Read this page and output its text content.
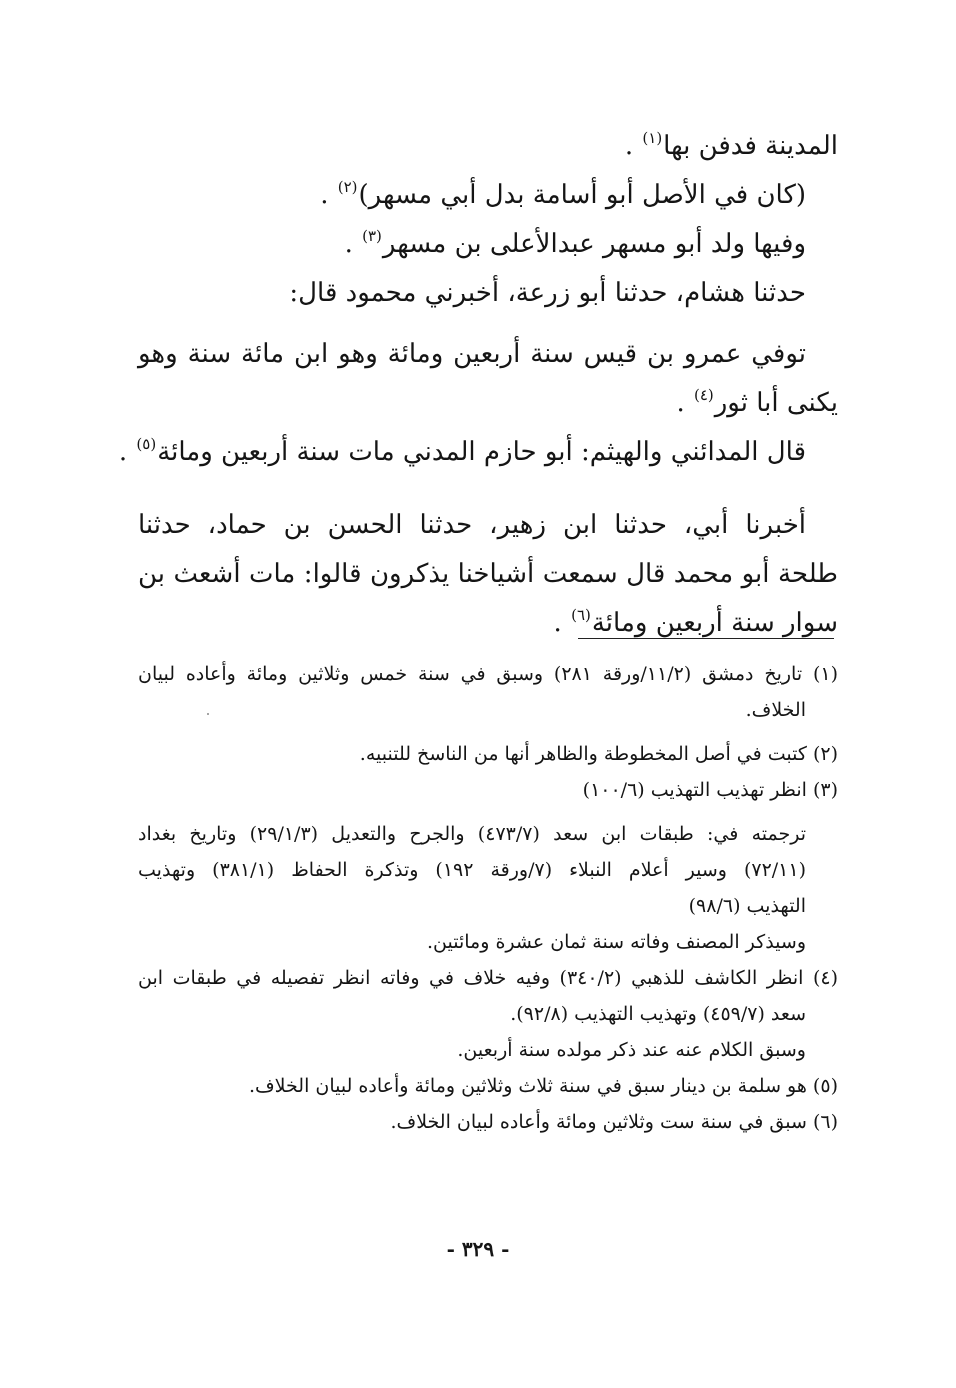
المدينة فدفن بها$^{(١)}$ .
(كان في الأصل أبو أسامة بدل أبي مسهر)$^{(٢)}$ .
وفيها ولد أبو مسهر عبدالأعلى بن مسهر$^{(٣)}$ .
حدثنا هشام، حدثنا أبو زرعة، أخبرني محمود قال:
توفي عمرو بن قيس سنة أربعين ومائة وهو ابن مائة سنة وهو
يكنى أبا ثور$^{(٤)}$ .
قال المدائني والهيثم: أبو حازم المدني مات سنة أربعين ومائة$^{(٥)}$ .
أخبرنا أبي، حدثنا ابن زهير، حدثنا الحسن بن حماد، حدثنا
طلحة أبو محمد قال سمعت أشياخنا يذكرون قالوا: مات أشعث بن
سوار سنة أربعين ومائة$^{(٦)}$ .
(١) تاريخ دمشق (١١/٢/ورقة ٢٨١) وسبق في سنة خمس وثلاثين ومائة وأعاده لبيان
الخلاف.
(٢) كتبت في أصل المخطوطة والظاهر أنها من الناسخ للتنبيه.
(٣) انظر تهذيب التهذيب (١٠٠/٦)
ترجمته في: طبقات ابن سعد (٤٧٣/٧) والجرح والتعديل (٢٩/١/٣) وتاريخ بغداد
(٧٢/١١) وسير أعلام النبلاء (٧/ورقة ١٩٢) وتذكرة الحفاظ (٣٨١/١) وتهذيب
التهذيب (٩٨/٦)
وسيذكر المصنف وفاته سنة ثمان عشرة ومائتين.
(٤) انظر الكاشف للذهبي (٣٤٠/٢) وفيه خلاف في وفاته انظر تفصيله في طبقات ابن
سعد (٤٥٩/٧) وتهذيب التهذيب (٩٢/٨).
وسبق الكلام عنه عند ذكر مولده سنة أربعين.
(٥) هو سلمة بن دينار سبق في سنة ثلاث وثلاثين ومائة وأعاده لبيان الخلاف.
(٦) سبق في سنة ست وثلاثين ومائة وأعاده لبيان الخلاف.
- ٣٢٩ -
